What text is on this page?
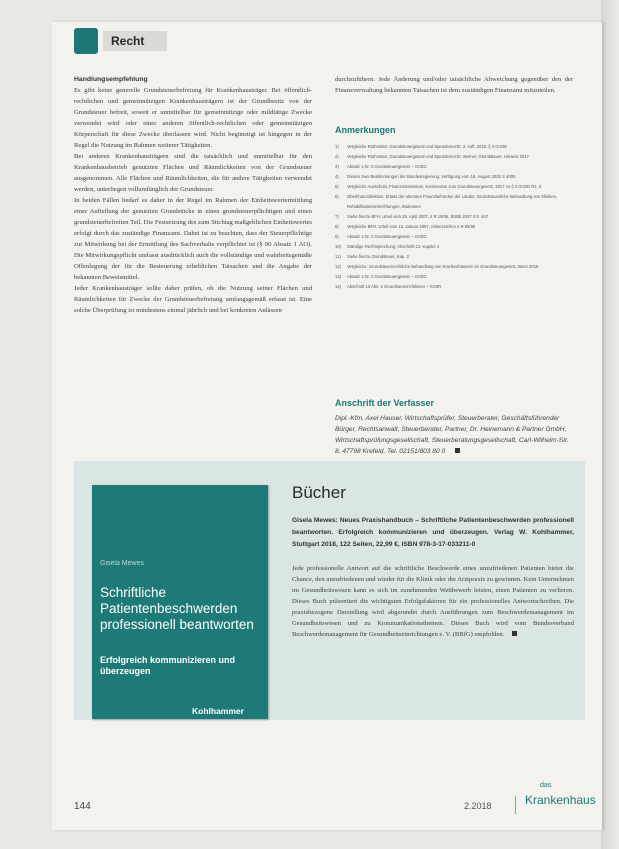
Recht
Handlungsempfehlung

Es gibt keine generelle Grundsteuerbefreiung für Krankenhausträger. Bei öffentlich-rechtlichen und gemeinnützigen Krankenhausträgern ist der Grundbesitz von der Grundsteuer befreit, soweit er unmittelbar für gemeinnützige oder mildtätige Zwecke verwendet wird oder einer anderen öffentlich-rechtlichen oder gemeinnützigen Körperschaft für diese Zwecke überlassen wird. Nicht begünstigt ist hingegen in der Regel die Nutzung im Rahmen weiterer Tätigkeiten.

Bei anderen Krankenhausträgern sind die tatsächlich und unmittelbar für den Krankenhausbetrieb genutzten Flächen und Räumlichkeiten von der Grundsteuer ausgenommen. Alle Flächen und Räumlichkeiten, die für andere Tätigkeiten verwendet werden, unterliegen vollumfänglich der Grundsteuer.

In beiden Fällen bedarf es daher in der Regel im Rahmen der Einheitswertermittlung einer Aufteilung der genutzten Grundstücke in einen grundsteuerpflichtigen und einen grundsteuerbefreiten Teil. Die Festsetzung des zum Stichtag maßgeblichen Einheitswertes erfolgt durch das zuständige Finanzamt. Dabei ist zu beachten, dass der Steuerpflichtige zur Mitwirkung bei der Ermittlung des Sachverhalts verpflichtet ist (§ 90 Absatz 1 AO). Die Mitwirkungspflicht umfasst ausdrücklich auch die vollständige und wahrheitsgemäße Offenlegung der für die Besteuerung erheblichen Tatsachen und die Angabe der bekannten Beweismittel.

Jeder Krankenhausträger sollte daher prüfen, ob die Nutzung seiner Flächen und Räumlichkeiten für Zwecke der Grundsteuerbefreiung umfangsgemäß erfasst ist. Eine solche Überprüfung ist mindestens einmal jährlich und bei konkreten Anlässen

durchzuführen. Jede Änderung und/oder tatsächliche Abweichung gegenüber den der Finanzverwaltung bekannten Tatsachen ist dem zuständigen Finanzamt mitzuteilen.

Anmerkungen
1)	Vergleiche Rüthnetter, Grundsteuergesetz und Spendenrecht, 3. Aufl. 2018, § 3 GrStG
2)	Vergleiche Rüthnetter, Grundsteuergesetz und Spendenrecht; Werner, Grundsteuer, Hinweis 2017
3)	Absatz 1 Nr. 3 Grundsteuergesetz – GrStG
4)	Diesen zwei Bestimmungen der Bundesregierung, Verfügung vom 16. August 2002 S 4000
5)	Vergleiche Ausschnitt, Finanzministerium, Kommentar zum Grundsteuergesetz, 2017 zu § 3 GrStG Rz. 3
6)	Oberfinanzdirektion, Erlass der obersten Finanzbehörden der Länder, Grundsteuerliche Behandlung von Kliniken, Rehabilitationseinrichtungen, Bodensee
7)	Siehe hierzu BFH, Urteil vom 25. April 2007, II R 19/05, BStBl 2007 II S. 847
8)	Vergleiche BFH, Urteil vom 15. Januar 1997, Aktenzeichen II R 65/95
9)	Absatz 1 Nr. 3 Grundsteuergesetz – GrStG
10)	Ständige Rechtsprechung; Abschnitt 13, Kapitel 4
11)	Siehe hierzu Grundsteuer, Kap. 2
12)	Vergleiche: Grundsteuerrechtliche Behandlung von Krankenhäusern im Grundsteuergesetz, Bonn 2018
13)	Absatz 1 Nr. 3 Grundsteuergesetz – GrStG
14)	Abschnitt 13 Abs. 2 Grundsteuerrichtlinien – GrStR
Anschrift der Verfasser
Dipl.-Kfm. Axel Hauser, Wirtschaftsprüfer, Steuerberater, Geschäftsführender Bürger, Rechtsanwalt, Steuerberater, Partner, Dr. Heinemann & Partner GmbH, Wirtschaftsprüfungsgesellschaft, Steuerberatungsgesellschaft, Carl-Wilhelm-Str. 8, 47798 Krefeld, Tel. 02151/803 80 0
Gisela Mewes
Schriftliche Patientenbeschwerden professionell beantworten
Erfolgreich kommunizieren und überzeugen
Kohlhammer
Bücher
Gisela Mewes: Neues Praxishandbuch – Schriftliche Patientenbeschwerden professionell beantworten. Erfolgreich kommunizieren und überzeugen. Verlag W. Kohlhammer, Stuttgart 2018, 122 Seiten, 22,99 €, ISBN 978-3-17-033211-0
Jede professionelle Antwort auf die schriftliche Beschwerde eines unzufriedenen Patienten bietet die Chance, den unzufriedenen und wieder für die Klinik oder die Arztpraxis zu gewinnen. Kein Unternehmen im Gesundheitswesen kann es sich im zunehmenden Wettbewerb leisten, einen Patienten zu verlieren. Dieses Buch präsentiert die wichtigsten Erfolgsfaktoren für ein professionelles Antwortschreiben. Die praxisbezogene Darstellung wird abgerundet durch Ausführungen zum Beschwerdemanagement im Gesundheitswesen und zu Kommunikationsthemen. Dieses Buch wird vom Bundesverband Beschwerdemanagement für Gesundheitseinrichtungen e. V. (BBfG) empfohlen.
144	2.2018
das
Krankenhaus
